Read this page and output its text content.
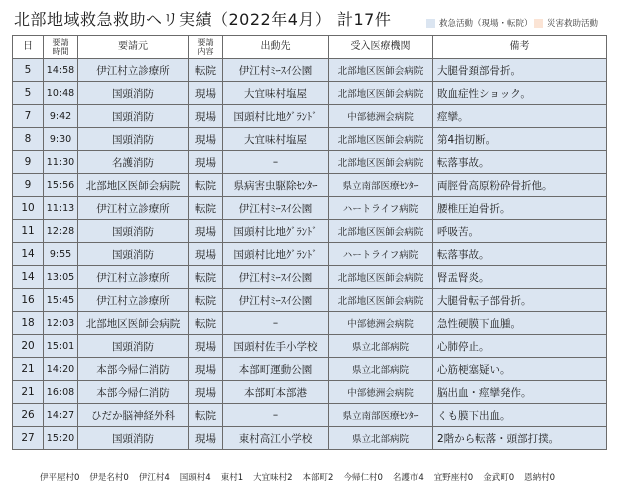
北部地域救急救助ヘリ実績（2022年4月） 計17件	救急活動（現場・転院） 災害救助活動
日	要請
時間	要請元	要請
内容	出動先	受入医療機関	備考
5	14:58	伊江村立診療所	転院	伊江村ﾐｰｽｲ公園	北部地区医師会病院	大腿骨頚部骨折。
5	10:48	国頭消防	現場	大宜味村塩屋	北部地区医師会病院	敗血症性ショック。
7	9:42	国頭消防	現場	国頭村比地ｸﾞﾗﾝﾄﾞ	中部徳洲会病院	痙攣。
8	9:30	国頭消防	現場	大宜味村塩屋	北部地区医師会病院	第4指切断。
9	11:30	名護消防	現場	–	北部地区医師会病院	転落事故。
9	15:56	北部地区医師会病院	転院	県病害虫駆除ｾﾝﾀｰ	県立南部医療ｾﾝﾀｰ	両脛骨高原粉砕骨折他。
10	11:13	伊江村立診療所	転院	伊江村ﾐｰｽｲ公園	ハートライフ病院	腰椎圧迫骨折。
11	12:28	国頭消防	現場	国頭村比地ｸﾞﾗﾝﾄﾞ	北部地区医師会病院	呼吸苦。
14	9:55	国頭消防	現場	国頭村比地ｸﾞﾗﾝﾄﾞ	ハートライフ病院	転落事故。
14	13:05	伊江村立診療所	転院	伊江村ﾐｰｽｲ公園	北部地区医師会病院	腎盂腎炎。
16	15:45	伊江村立診療所	転院	伊江村ﾐｰｽｲ公園	北部地区医師会病院	大腿骨転子部骨折。
18	12:03	北部地区医師会病院	転院	–	中部徳洲会病院	急性硬膜下血腫。
20	15:01	国頭消防	現場	国頭村佐手小学校	県立北部病院	心肺停止。
21	14:20	本部今帰仁消防	現場	本部町運動公園	県立北部病院	心筋梗塞疑い。
21	16:08	本部今帰仁消防	現場	本部町本部港	中部徳洲会病院	脳出血・痙攣発作。
26	14:27	ひだか脳神経外科	転院	–	県立南部医療ｾﾝﾀｰ	くも膜下出血。
27	15:20	国頭消防	現場	東村高江小学校	県立北部病院	2階から転落・頭部打撲。
伊平屋村0 伊是名村0 伊江村4 国頭村4 東村1 大宜味村2 本部町2 今帰仁村0 名護市4 宜野座村0 金武町0 恩納村0
